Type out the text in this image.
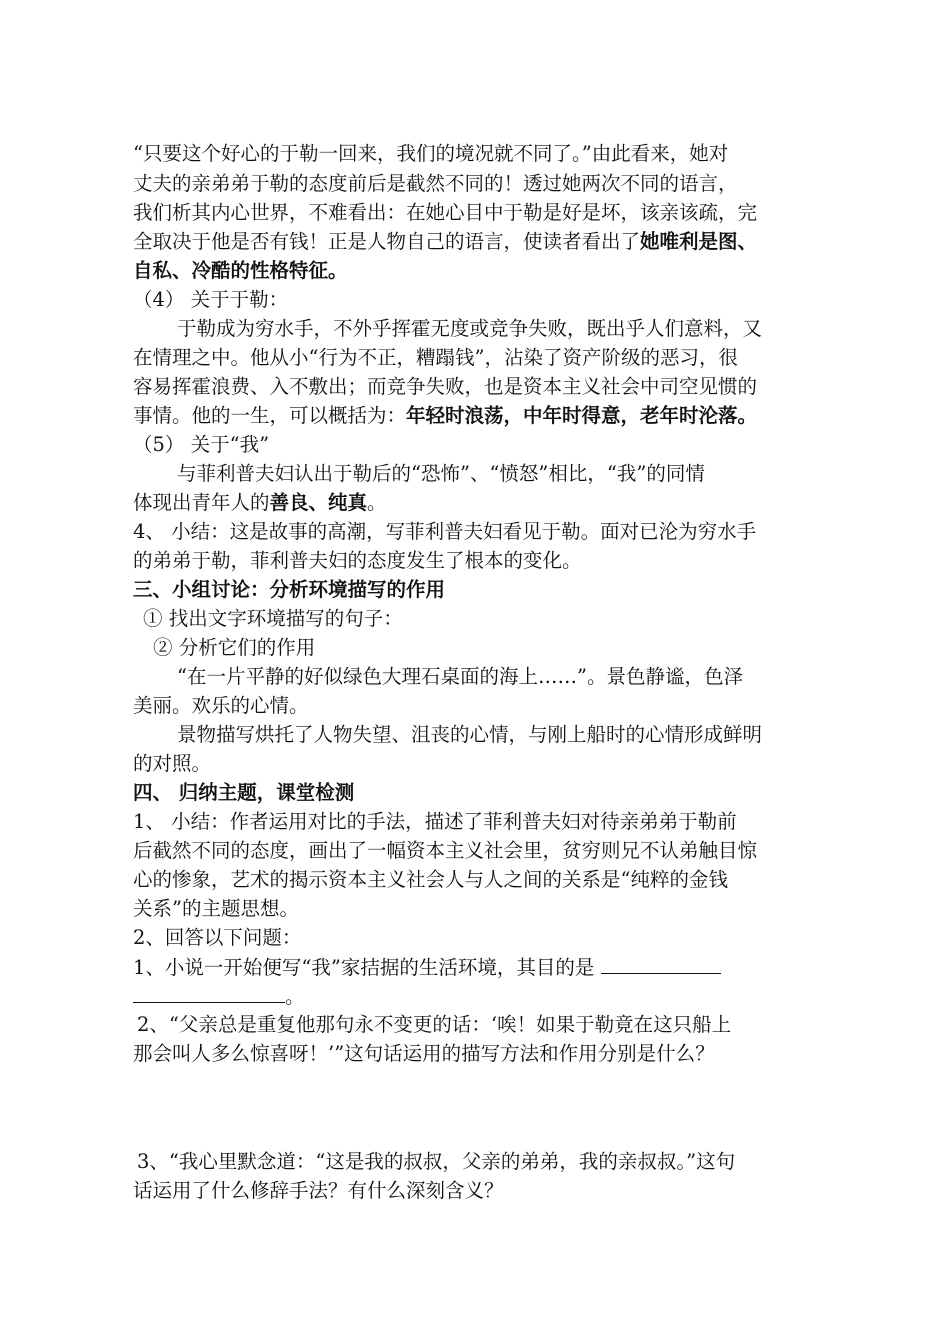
“只要这个好心的于勒一回来，我们的境况就不同了。”由此看来，她对
丈夫的亲弟弟于勒的态度前后是截然不同的！透过她两次不同的语言，
我们析其内心世界，不难看出：在她心目中于勒是好是坏，该亲该疏，完
全取决于他是否有钱！正是人物自己的语言，使读者看出了她唯利是图、
自私、冷酷的性格特征。
（4） 关于于勒：
于勒成为穷水手，不外乎挥霍无度或竞争失败，既出乎人们意料，又
在情理之中。他从小“行为不正，糟蹋钱”，沾染了资产阶级的恶习，很
容易挥霍浪费、入不敷出；而竞争失败，也是资本主义社会中司空见惯的
事情。他的一生，可以概括为：年轻时浪荡，中年时得意，老年时沦落。
（5） 关于“我”
与菲利普夫妇认出于勒后的“恐怖”、“愤怒”相比，“我”的同情
体现出青年人的善良、纯真。
4、 小结：这是故事的高潮，写菲利普夫妇看见于勒。面对已沦为穷水手
的弟弟于勒，菲利普夫妇的态度发生了根本的变化。
三、小组讨论：分析环境描写的作用
① 找出文字环境描写的句子：
② 分析它们的作用
“在一片平静的好似绿色大理石桌面的海上……”。景色静谧，色泽
美丽。欢乐的心情。
景物描写烘托了人物失望、沮丧的心情，与刚上船时的心情形成鲜明
的对照。
四、 归纳主题，课堂检测
1、 小结：作者运用对比的手法，描述了菲利普夫妇对待亲弟弟于勒前
后截然不同的态度，画出了一幅资本主义社会里，贫穷则兄不认弟触目惊
心的惨象，艺术的揭示资本主义社会人与人之间的关系是“纯粹的金钱
关系”的主题思想。
2、回答以下问题：
1、小说一开始便写“我”家拮据的生活环境，其目的是
。
2、“父亲总是重复他那句永不变更的话：‘唉！如果于勒竟在这只船上
那会叫人多么惊喜呀！’”这句话运用的描写方法和作用分别是什么？
3、“我心里默念道：“这是我的叔叔，父亲的弟弟，我的亲叔叔。”这句
话运用了什么修辞手法？有什么深刻含义？
